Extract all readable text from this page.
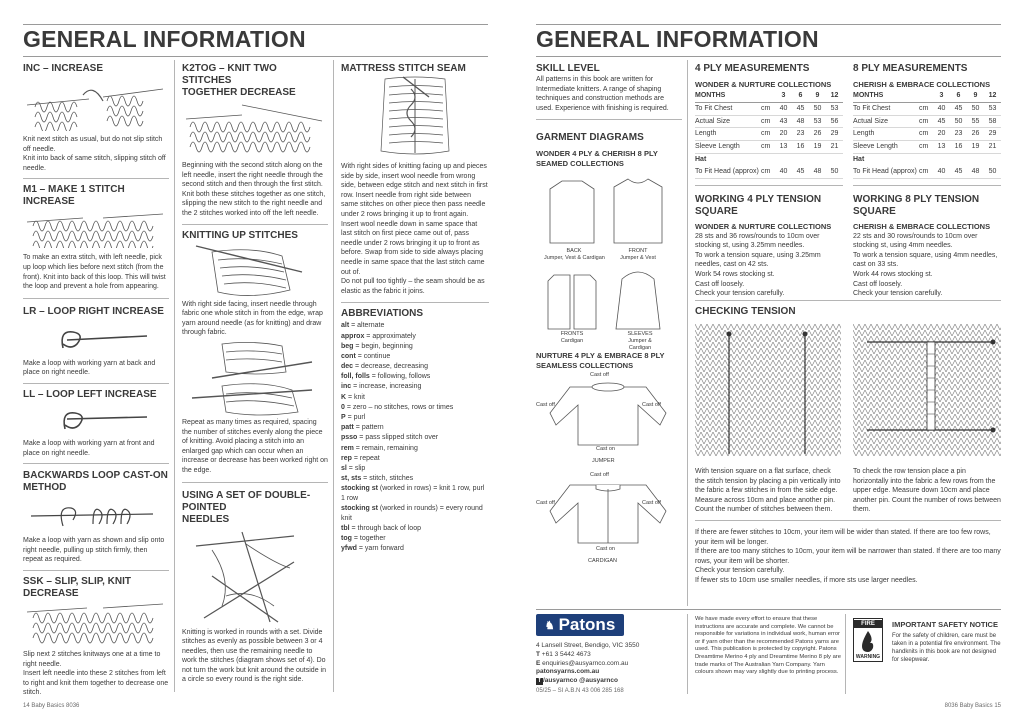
GENERAL INFORMATION
INC – INCREASE
Knit next stitch as usual, but do not slip stitch off needle.
Knit into back of same stitch, slipping stitch off needle.
M1 – MAKE 1 STITCH INCREASE
To make an extra stitch, with left needle, pick up loop which lies before next stitch (from the front). Knit into back of this loop. This will twist the loop and prevent a hole from appearing.
LR – LOOP RIGHT INCREASE
Make a loop with working yarn at back and place on right needle.
LL – LOOP LEFT INCREASE
Make a loop with working yarn at front and place on right needle.
BACKWARDS LOOP CAST-ON METHOD
Make a loop with yarn as shown and slip onto right needle, pulling up stitch firmly, then repeat as required.
SSK – SLIP, SLIP, KNIT DECREASE
Slip next 2 stitches knitways one at a time to right needle.
Insert left needle into these 2 stitches from left to right and knit them together to decrease one stitch.
K2TOG – KNIT TWO STITCHES
TOGETHER DECREASE
Beginning with the second stitch along on the left needle, insert the right needle through the second stitch and then through the first stitch. Knit both these stitches together as one stitch, slipping the new stitch to the right needle and the 2 stitches worked into off the left needle.
KNITTING UP STITCHES
With right side facing, insert needle through fabric one whole stitch in from the edge, wrap yarn around needle (as for knitting) and draw through fabric.
Repeat as many times as required, spacing the number of stitches evenly along the piece of knitting. Avoid placing a stitch into an enlarged gap which can occur when an increase or decrease has been worked right on the edge.
USING A SET OF DOUBLE-POINTED
NEEDLES
Knitting is worked in rounds with a set. Divide stitches as evenly as possible between 3 or 4 needles, then use the remaining needle to work the stitches (diagram shows set of 4). Do not turn the work but knit around the outside in a circle so every round is the right side.
MATTRESS STITCH SEAM
With right sides of knitting facing up and pieces side by side, insert wool needle from wrong side, between edge stitch and next stitch in first row. Insert needle from right side between same stitches on other piece then pass needle under 2 rows bringing it up to front again.
Insert wool needle down in same space that last stitch on first piece came out of, pass needle under 2 rows bringing it up to front as before. Swap from side to side always placing needle in same space that the last stitch came out of.
Do not pull too tightly – the seam should be as elastic as the fabric it joins.
ABBREVIATIONS
alt = alternate
approx = approximately
beg = begin, beginning
cont = continue
dec = decrease, decreasing
foll, folls = following, follows
inc = increase, increasing
K = knit
0 = zero – no stitches, rows or times
P = purl
patt = pattern
psso = pass slipped stitch over
rem = remain, remaining
rep = repeat
sl = slip
st, sts = stitch, stitches
stocking st (worked in rows) = knit 1 row, purl 1 row
stocking st (worked in rounds) = every round knit
tbl = through back of loop
tog = together
yfwd = yarn forward
14 Baby Basics 8036
GENERAL INFORMATION
SKILL LEVEL
All patterns in this book are written for Intermediate knitters. A range of shaping techniques and construction methods are used. Experience with finishing is required.
GARMENT DIAGRAMS
WONDER 4 PLY & CHERISH 8 PLY
SEAMED COLLECTIONS
BACK
Jumper, Vest & Cardigan
FRONT
Jumper & Vest
FRONTS
Cardigan
SLEEVES
Jumper &
Cardigan
NURTURE 4 PLY & EMBRACE 8 PLY
SEAMLESS COLLECTIONS
Cast off
Cast off	Cast off
Cast on
JUMPER
Cast off
Cast off	Cast off
Cast on
CARDIGAN
4 PLY MEASUREMENTS
WONDER & NURTURE COLLECTIONS
MONTHS		3	6	9	12
To Fit Chest	cm	40	45	50	53
Actual Size	cm	43	48	53	56
Length	cm	20	23	26	29
Sleeve Length	cm	13	16	19	21
Hat					
To Fit Head (approx)	cm	40	45	48	50
WORKING 4 PLY TENSION SQUARE
WONDER & NURTURE COLLECTIONS
28 sts and 36 rows/rounds to 10cm over stocking st, using 3.25mm needles.
To work a tension square, using 3.25mm needles, cast on 42 sts.
Work 54 rows stocking st.
Cast off loosely.
Check your tension carefully.
8 PLY MEASUREMENTS
CHERISH & EMBRACE COLLECTIONS
MONTHS		3	6	9	12
To Fit Chest	cm	40	45	50	53
Actual Size	cm	45	50	55	58
Length	cm	20	23	26	29
Sleeve Length	cm	13	16	19	21
Hat					
To Fit Head (approx)	cm	40	45	48	50
WORKING 8 PLY TENSION SQUARE
CHERISH & EMBRACE COLLECTIONS
22 sts and 30 rows/rounds to 10cm over stocking st, using 4mm needles.
To work a tension square, using 4mm needles, cast on 33 sts.
Work 44 rows stocking st.
Cast off loosely.
Check your tension carefully.
CHECKING TENSION
With tension square on a flat surface, check the stitch tension by placing a pin vertically into the fabric a few stitches in from the side edge. Measure across 10cm and place another pin. Count the number of stitches between them.
To check the row tension place a pin horizontally into the fabric a few rows from the upper edge. Measure down 10cm and place another pin. Count the number of rows between them.
If there are fewer stitches to 10cm, your item will be wider than stated. If there are too few rows, your item will be longer.
If there are too many stitches to 10cm, your item will be narrower than stated. If there are too many rows, your item will be shorter.
Check your tension carefully.
If fewer sts to 10cm use smaller needles, if more sts use larger needles.
♞ Patons
4 Lansell Street, Bendigo, VIC 3550
T +61 3 5442 4673
E enquiries@ausyarnco.com.au
patonsyarns.com.au
f /ausyarnco @ausyarnco
05/25 – SI A.B.N 43 006 285 168
We have made every effort to ensure that these instructions are accurate and complete. We cannot be responsible for variations in individual work, human error or if yarn other than the recommended Patons yarns are used. This publication is protected by copyright. Patons Dreamtime Merino 4 ply and Dreamtime Merino 8 ply are trade marks of The Australian Yarn Company. Yarn colours shown may vary slightly due to printing process.
FIRE
WARNING
IMPORTANT SAFETY NOTICE
For the safety of children, care must be taken in a potential fire environment. The handknits in this book are not designed for sleepwear.
8036 Baby Basics 15
